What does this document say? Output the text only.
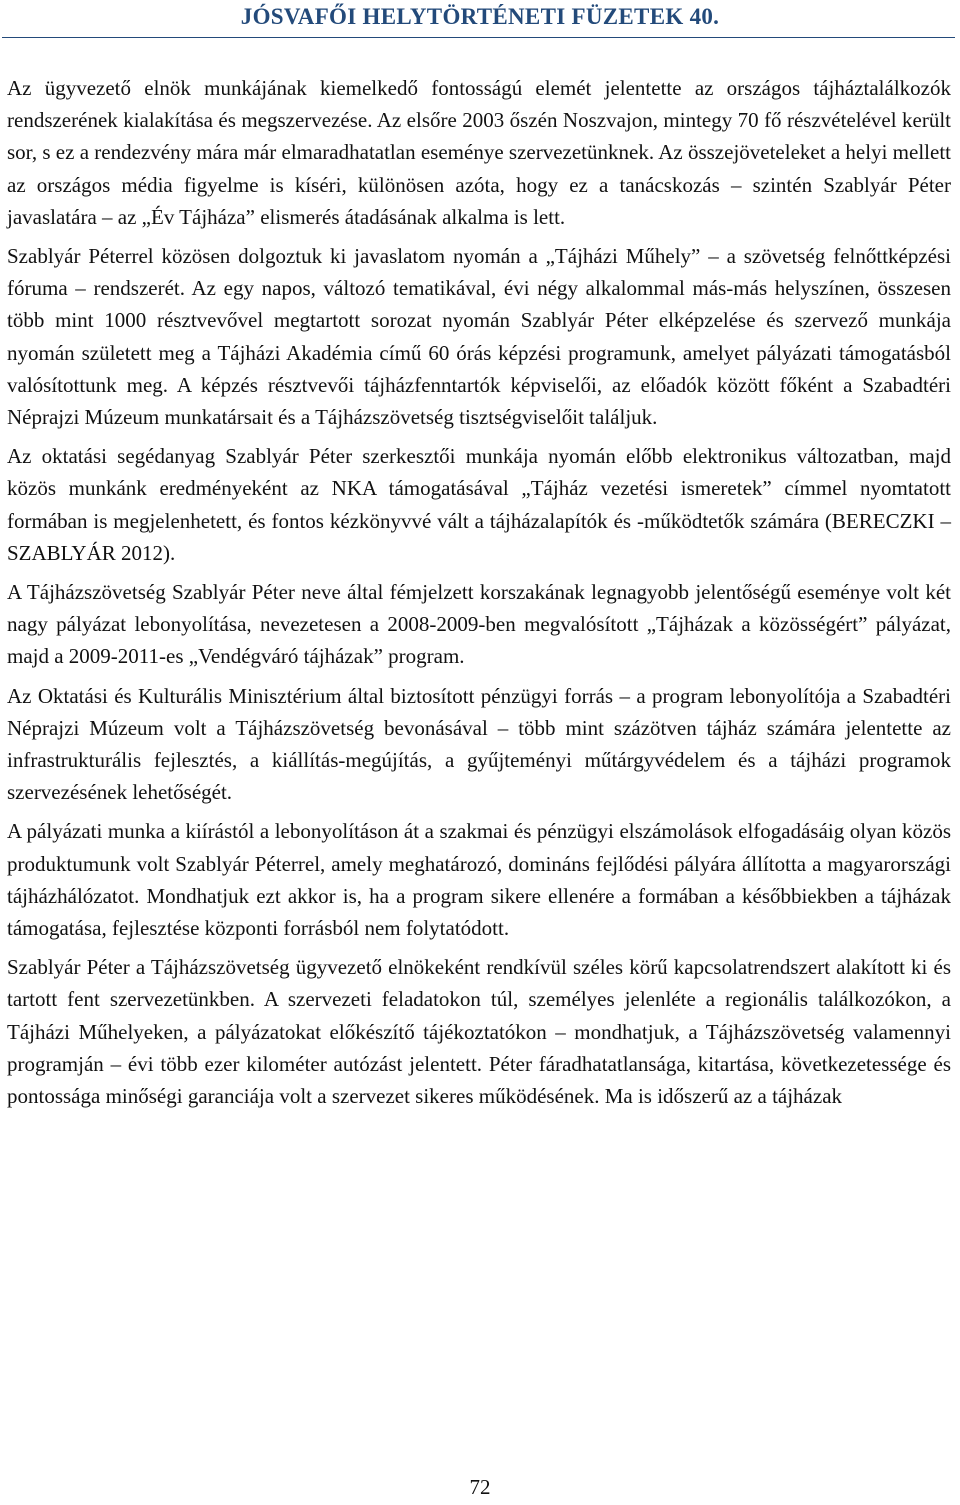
JÓSVAFŐI HELYTÖRTÉNETI FÜZETEK 40.

Az ügyvezető elnök munkájának kiemelkedő fontosságú elemét jelentette az országos tájháztalálkozók rendszerének kialakítása és megszervezése. Az elsőre 2003 őszén Noszvajon, mintegy 70 fő részvételével került sor, s ez a rendezvény mára már elmaradhatatlan eseménye szervezetünknek. Az összejöveteleket a helyi mellett az országos média figyelme is kíséri, különösen azóta, hogy ez a tanácskozás – szintén Szablyár Péter javaslatára – az „Év Tájháza” elismerés átadásának alkalma is lett.

Szablyár Péterrel közösen dolgoztuk ki javaslatom nyomán a „Tájházi Műhely” – a szövetség felnőttképzési fóruma – rendszerét. Az egy napos, változó tematikával, évi négy alkalommal más-más helyszínen, összesen több mint 1000 résztvevővel megtartott sorozat nyomán Szablyár Péter elképzelése és szervező munkája nyomán született meg a Tájházi Akadémia című 60 órás képzési programunk, amelyet pályázati támogatásból valósítottunk meg. A képzés résztvevői tájházfenntartók képviselői, az előadók között főként a Szabadtéri Néprajzi Múzeum munkatársait és a Tájházszövetség tisztségviselőit találjuk.

Az oktatási segédanyag Szablyár Péter szerkesztői munkája nyomán előbb elektronikus változatban, majd közös munkánk eredményeként az NKA támogatásával „Tájház vezetési ismeretek” címmel nyomtatott formában is megjelenhetett, és fontos kézkönyvvé vált a tájházalapítók és -működtetők számára (BERECZKI – SZABLYÁR 2012).

A Tájházszövetség Szablyár Péter neve által fémjelzett korszakának legnagyobb jelentőségű eseménye volt két nagy pályázat lebonyolítása, nevezetesen a 2008-2009-ben megvalósított „Tájházak a közösségért” pályázat, majd a 2009-2011-es „Vendégváró tájházak” program.

Az Oktatási és Kulturális Minisztérium által biztosított pénzügyi forrás – a program lebonyolítója a Szabadtéri Néprajzi Múzeum volt a Tájházszövetség bevonásával – több mint százötven tájház számára jelentette az infrastrukturális fejlesztés, a kiállítás-megújítás, a gyűjteményi műtárgyvédelem és a tájházi programok szervezésének lehetőségét.

A pályázati munka a kiírástól a lebonyolításon át a szakmai és pénzügyi elszámolások elfogadásáig olyan közös produktumunk volt Szablyár Péterrel, amely meghatározó, domináns fejlődési pályára állította a magyarországi tájházhálózatot. Mondhatjuk ezt akkor is, ha a program sikere ellenére a formában a későbbiekben a tájházak támogatása, fejlesztése központi forrásból nem folytatódott.

Szablyár Péter a Tájházszövetség ügyvezető elnökeként rendkívül széles körű kapcsolatrendszert alakított ki és tartott fent szervezetünkben. A szervezeti feladatokon túl, személyes jelenléte a regionális találkozókon, a Tájházi Műhelyeken, a pályázatokat előkészítő tájékoztatókon – mondhatjuk, a Tájházszövetség valamennyi programján – évi több ezer kilométer autózást jelentett. Péter fáradhatatlansága, kitartása, következetessége és pontossága minőségi garanciája volt a szervezet sikeres működésének. Ma is időszerű az a tájházak

72
